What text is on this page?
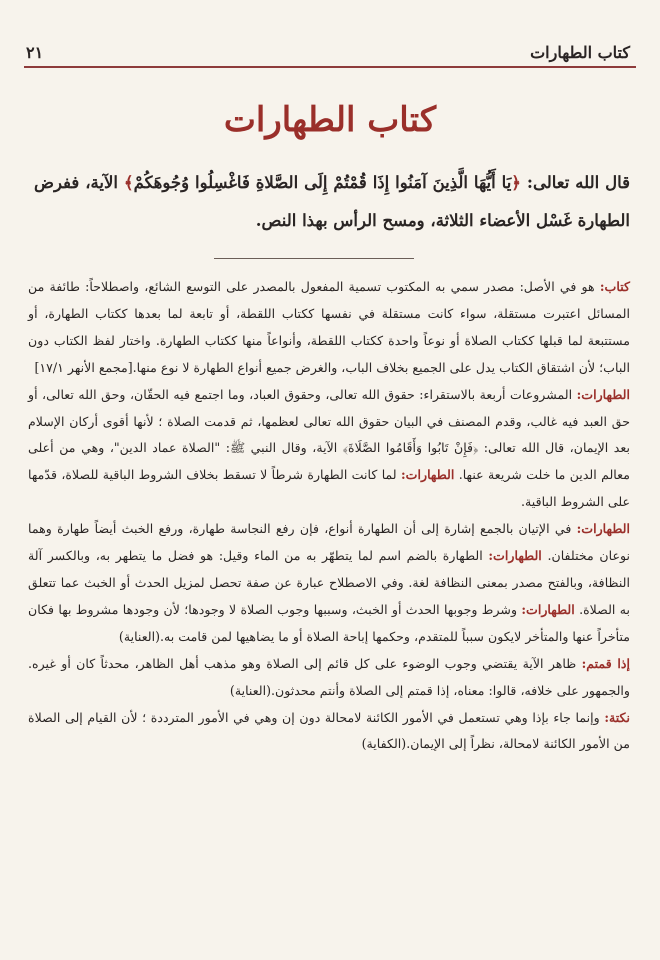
كتاب الطهارات
٢١
كتاب الطهارات
قال الله تعالى: ﴿يَا أَيُّهَا الَّذِينَ آمَنُوا إِذَا قُمْتُمْ إِلَى الصَّلاةِ فَاغْسِلُوا وُجُوهَكُمْ﴾ الآية، ففرض الطهارة غَسْل الأعضاء الثلاثة، ومسح الرأس بهذا النص.

كتاب: هو في الأصل: مصدر سمي به المكتوب تسمية المفعول بالمصدر على التوسع الشائع، واصطلاحاً: طائفة من المسائل اعتبرت مستقلة، سواء كانت مستقلة في نفسها ككتاب اللقطة، أو تابعة لما بعدها ككتاب الطهارة، أو مستتبعة لما قبلها ككتاب الصلاة أو نوعاً واحدة ككتاب اللقطة، وأنواعاً منها ككتاب الطهارة. واختار لفظ الكتاب دون الباب؛ لأن اشتقاق الكتاب يدل على الجميع بخلاف الباب، والغرض جميع أنواع الطهارة لا نوع منها.[مجمع الأنهر ١٧/١]

الطهارات: المشروعات أربعة بالاستقراء: حقوق الله تعالى، وحقوق العباد، وما اجتمع فيه الحقّان، وحق الله تعالى، أو حق العبد فيه غالب، وقدم المصنف في البيان حقوق الله تعالى لعظمها، ثم قدمت الصلاة ؛ لأنها أقوى أركان الإسلام بعد الإيمان، قال الله تعالى: ﴿فَإِنْ تَابُوا وَأَقَامُوا الصَّلَاةَ﴾ الآية، وقال النبي ﷺ: "الصلاة عماد الدين"، وهي من أعلى معالم الدين ما خلت شريعة عنها. الطهارات: لما كانت الطهارة شرطاً لا تسقط بخلاف الشروط الباقية للصلاة، قدّمها على الشروط الباقية.

الطهارات: في الإتيان بالجمع إشارة إلى أن الطهارة أنواع، فإن رفع النجاسة طهارة، ورفع الخبث أيضاً طهارة وهما نوعان مختلفان. الطهارات: الطهارة بالضم اسم لما يتطهّر به من الماء وقيل: هو فضل ما يتطهر به، وبالكسر آلة النظافة، وبالفتح مصدر بمعنى النظافة لغة. وفي الاصطلاح عبارة عن صفة تحصل لمزيل الحدث أو الخبث عما تتعلق به الصلاة. الطهارات: وشرط وجوبها الحدث أو الخبث، وسببها وجوب الصلاة لا وجودها؛ لأن وجودها مشروط بها فكان متأخراً عنها والمتأخر لايكون سبباً للمتقدم، وحكمها إباحة الصلاة أو ما يضاهيها لمن قامت به.(العناية)

إذا قمتم: ظاهر الآية يقتضي وجوب الوضوء على كل قائم إلى الصلاة وهو مذهب أهل الظاهر، محدثاً كان أو غيره. والجمهور على خلافه، قالوا: معناه، إذا قمتم إلى الصلاة وأنتم محدثون.(العناية)

نكتة: وإنما جاء بإذا وهي تستعمل في الأمور الكائنة لامحالة دون إن وهي في الأمور المترددة ؛ لأن القيام إلى الصلاة من الأمور الكائنة لامحالة، نظراً إلى الإيمان.(الكفاية)
